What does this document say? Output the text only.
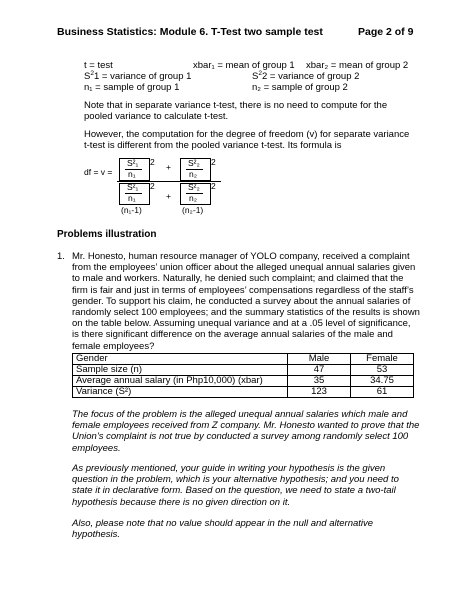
Business Statistics: Module 6. T-Test two sample test	Page 2 of 9
t = test	xbar₁ = mean of group 1 xbar₂ = mean of group 2
$S^21$ = variance of group 1	$S^22$ = variance of group 2
n₁ = sample of group 1	n₂ = sample of group 2
Note that in separate variance t-test, there is no need to compute for the pooled variance to calculate t-test.
However, the computation for the degree of freedom (v) for separate variance t-test is different from the pooled variance t-test. Its formula is
df = v =
S²₁
n₁
2 + S²₂
n₂
2
S²₁
n₁
2
(n₁-1)
+
S²₂
n₂
2
(n₂-1)
Problems illustration
1. Mr. Honesto, human resource manager of YOLO company, received a complaint from the employees’ union officer about the alleged unequal annual salaries given to male and workers. Naturally, he denied such complaint; and claimed that the firm is fair and just in terms of employees’ compensations regardless of the staff’s gender. To support his claim, he conducted a survey about the annual salaries of randomly select 100 employees; and the summary statistics of the results is shown on the table below. Assuming unequal variance and at a .05 level of significance, is there significant difference on the average annual salaries of the male and female employees?
Gender	Male	Female
Sample size (n)	47	53
Average annual salary (in Php10,000) (xbar)	35	34.75
Variance (S²)	123	61
The focus of the problem is the alleged unequal annual salaries which male and female employees received from Z company. Mr. Honesto wanted to prove that the Union’s complaint is not true by conducted a survey among randomly select 100 employees.
As previously mentioned, your guide in writing your hypothesis is the given question in the problem, which is your alternative hypothesis; and you need to state it in declarative form. Based on the question, we need to state a two-tail hypothesis because there is no given direction on it.
Also, please note that no value should appear in the null and alternative hypothesis.
